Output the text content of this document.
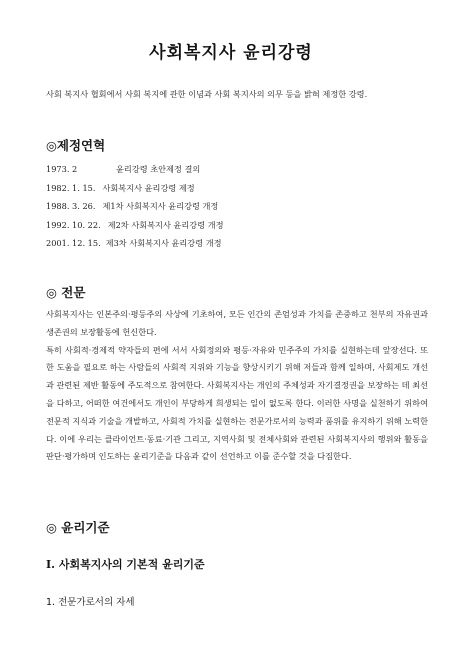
사회복지사 윤리강령
사회 복지사 협회에서 사회 복지에 관한 이념과 사회 복지사의 의무 등을 밝혀 제정한 강령.
◎제정연혁
1973. 2	윤리강령 초안제정 결의
1982. 1. 15. 사회복지사 윤리강령 제정
1988. 3. 26. 제1차 사회복지사 윤리강령 개정
1992. 10. 22. 제2차 사회복지사 윤리강령 개정
2001. 12. 15. 제3차 사회복지사 윤리강령 개정
◎ 전문

사회복지사는 인본주의·평등주의 사상에 기초하여, 모든 인간의 존엄성과 가치를 존중하고 천부의 자유권과 생존권의 보장활동에 헌신한다.

특히 사회적·경제적 약자들의 편에 서서 사회정의와 평등·자유와 민주주의 가치를 실현하는데 앞장선다. 또한 도움을 필요로 하는 사람들의 사회적 지위와 기능을 향상시키기 위해 저들과 함께 일하며, 사회제도 개선과 관련된 제반 활동에 주도적으로 참여한다. 사회복지사는 개인의 주체성과 자기결정권을 보장하는 데 최선을 다하고, 어떠한 여건에서도 개인이 부당하게 희생되는 일이 없도록 한다. 이러한 사명을 실천하기 위하여 전문적 지식과 기술을 개발하고, 사회적 가치를 실현하는 전문가로서의 능력과 품위를 유지하기 위해 노력한다. 이에 우리는 클라이언트·동료·기관 그리고, 지역사회 및 전체사회와 관련된 사회복지사의 행위와 활동을 판단·평가하며 인도하는 윤리기준을 다음과 같이 선언하고 이를 준수할 것을 다짐한다.

◎ 윤리기준
I. 사회복지사의 기본적 윤리기준
1. 전문가로서의 자세
